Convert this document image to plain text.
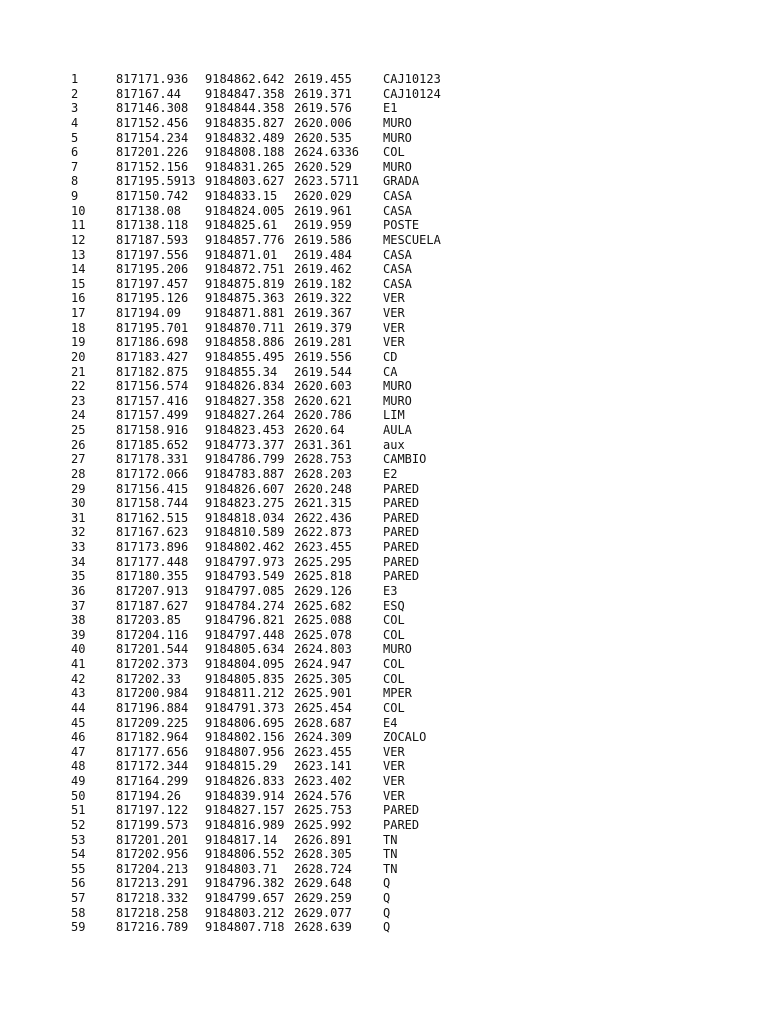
1	817171.936	9184862.642	2619.455	CAJ10123
2	817167.44	9184847.358	2619.371	CAJ10124
3	817146.308	9184844.358	2619.576	E1
4	817152.456	9184835.827	2620.006	MURO
5	817154.234	9184832.489	2620.535	MURO
6	817201.226	9184808.188	2624.6336	COL
7	817152.156	9184831.265	2620.529	MURO
8	817195.5913	9184803.627	2623.5711	GRADA
9	817150.742	9184833.15	2620.029	CASA
10	817138.08	9184824.005	2619.961	CASA
11	817138.118	9184825.61	2619.959	POSTE
12	817187.593	9184857.776	2619.586	MESCUELA
13	817197.556	9184871.01	2619.484	CASA
14	817195.206	9184872.751	2619.462	CASA
15	817197.457	9184875.819	2619.182	CASA
16	817195.126	9184875.363	2619.322	VER
17	817194.09	9184871.881	2619.367	VER
18	817195.701	9184870.711	2619.379	VER
19	817186.698	9184858.886	2619.281	VER
20	817183.427	9184855.495	2619.556	CD
21	817182.875	9184855.34	2619.544	CA
22	817156.574	9184826.834	2620.603	MURO
23	817157.416	9184827.358	2620.621	MURO
24	817157.499	9184827.264	2620.786	LIM
25	817158.916	9184823.453	2620.64	AULA
26	817185.652	9184773.377	2631.361	aux
27	817178.331	9184786.799	2628.753	CAMBIO
28	817172.066	9184783.887	2628.203	E2
29	817156.415	9184826.607	2620.248	PARED
30	817158.744	9184823.275	2621.315	PARED
31	817162.515	9184818.034	2622.436	PARED
32	817167.623	9184810.589	2622.873	PARED
33	817173.896	9184802.462	2623.455	PARED
34	817177.448	9184797.973	2625.295	PARED
35	817180.355	9184793.549	2625.818	PARED
36	817207.913	9184797.085	2629.126	E3
37	817187.627	9184784.274	2625.682	ESQ
38	817203.85	9184796.821	2625.088	COL
39	817204.116	9184797.448	2625.078	COL
40	817201.544	9184805.634	2624.803	MURO
41	817202.373	9184804.095	2624.947	COL
42	817202.33	9184805.835	2625.305	COL
43	817200.984	9184811.212	2625.901	MPER
44	817196.884	9184791.373	2625.454	COL
45	817209.225	9184806.695	2628.687	E4
46	817182.964	9184802.156	2624.309	ZOCALO
47	817177.656	9184807.956	2623.455	VER
48	817172.344	9184815.29	2623.141	VER
49	817164.299	9184826.833	2623.402	VER
50	817194.26	9184839.914	2624.576	VER
51	817197.122	9184827.157	2625.753	PARED
52	817199.573	9184816.989	2625.992	PARED
53	817201.201	9184817.14	2626.891	TN
54	817202.956	9184806.552	2628.305	TN
55	817204.213	9184803.71	2628.724	TN
56	817213.291	9184796.382	2629.648	Q
57	817218.332	9184799.657	2629.259	Q
58	817218.258	9184803.212	2629.077	Q
59	817216.789	9184807.718	2628.639	Q
